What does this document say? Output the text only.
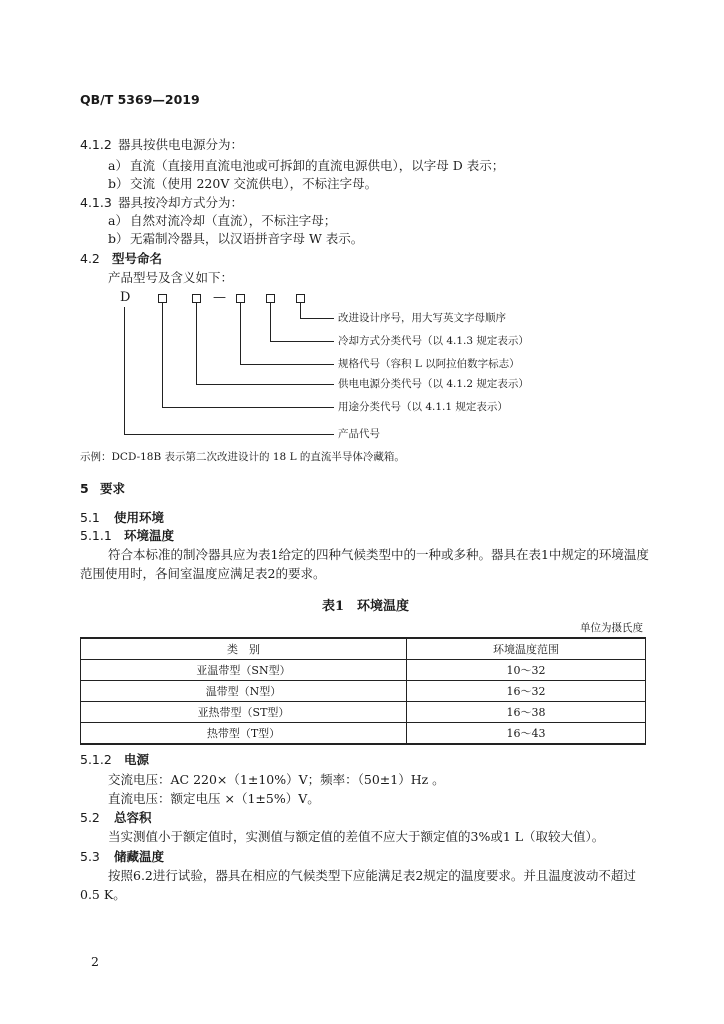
QB/T 5369—2019
4.1.2 器具按供电电源分为：
a） 直流（直接用直流电池或可拆卸的直流电源供电），以字母 D 表示；
b） 交流（使用 220V 交流供电），不标注字母。
4.1.3 器具按冷却方式分为：
a） 自然对流冷却（直流），不标注字母；
b） 无霜制冷器具，以汉语拼音字母 W 表示。
4.2 型号命名
产品型号及含义如下：
D	—
改进设计序号，用大写英文字母顺序
冷却方式分类代号（以 4.1.3 规定表示）
规格代号（容积 L 以阿拉伯数字标志）
供电电源分类代号（以 4.1.2 规定表示）
用途分类代号（以 4.1.1 规定表示）
产品代号
示例：DCD-18B 表示第二次改进设计的 18 L 的直流半导体冷藏箱。
5 要求
5.1 使用环境
5.1.1 环境温度
符合本标准的制冷器具应为表1给定的四种气候类型中的一种或多种。器具在表1中规定的环境温度
范围使用时，各间室温度应满足表2的要求。
表1　环境温度
单位为摄氏度
类　别	环境温度范围
亚温带型（SN型）	10～32
温带型（N型）	16～32
亚热带型（ST型）	16～38
热带型（T型）	16～43
5.1.2 电源
交流电压：AC 220×（1±10%）V；频率：（50±1）Hz 。
直流电压：额定电压 ×（1±5%）V。
5.2 总容积
当实测值小于额定值时，实测值与额定值的差值不应大于额定值的3%或1 L（取较大值）。
5.3 储藏温度
按照6.2进行试验，器具在相应的气候类型下应能满足表2规定的温度要求。并且温度波动不超过
0.5 K。
2
